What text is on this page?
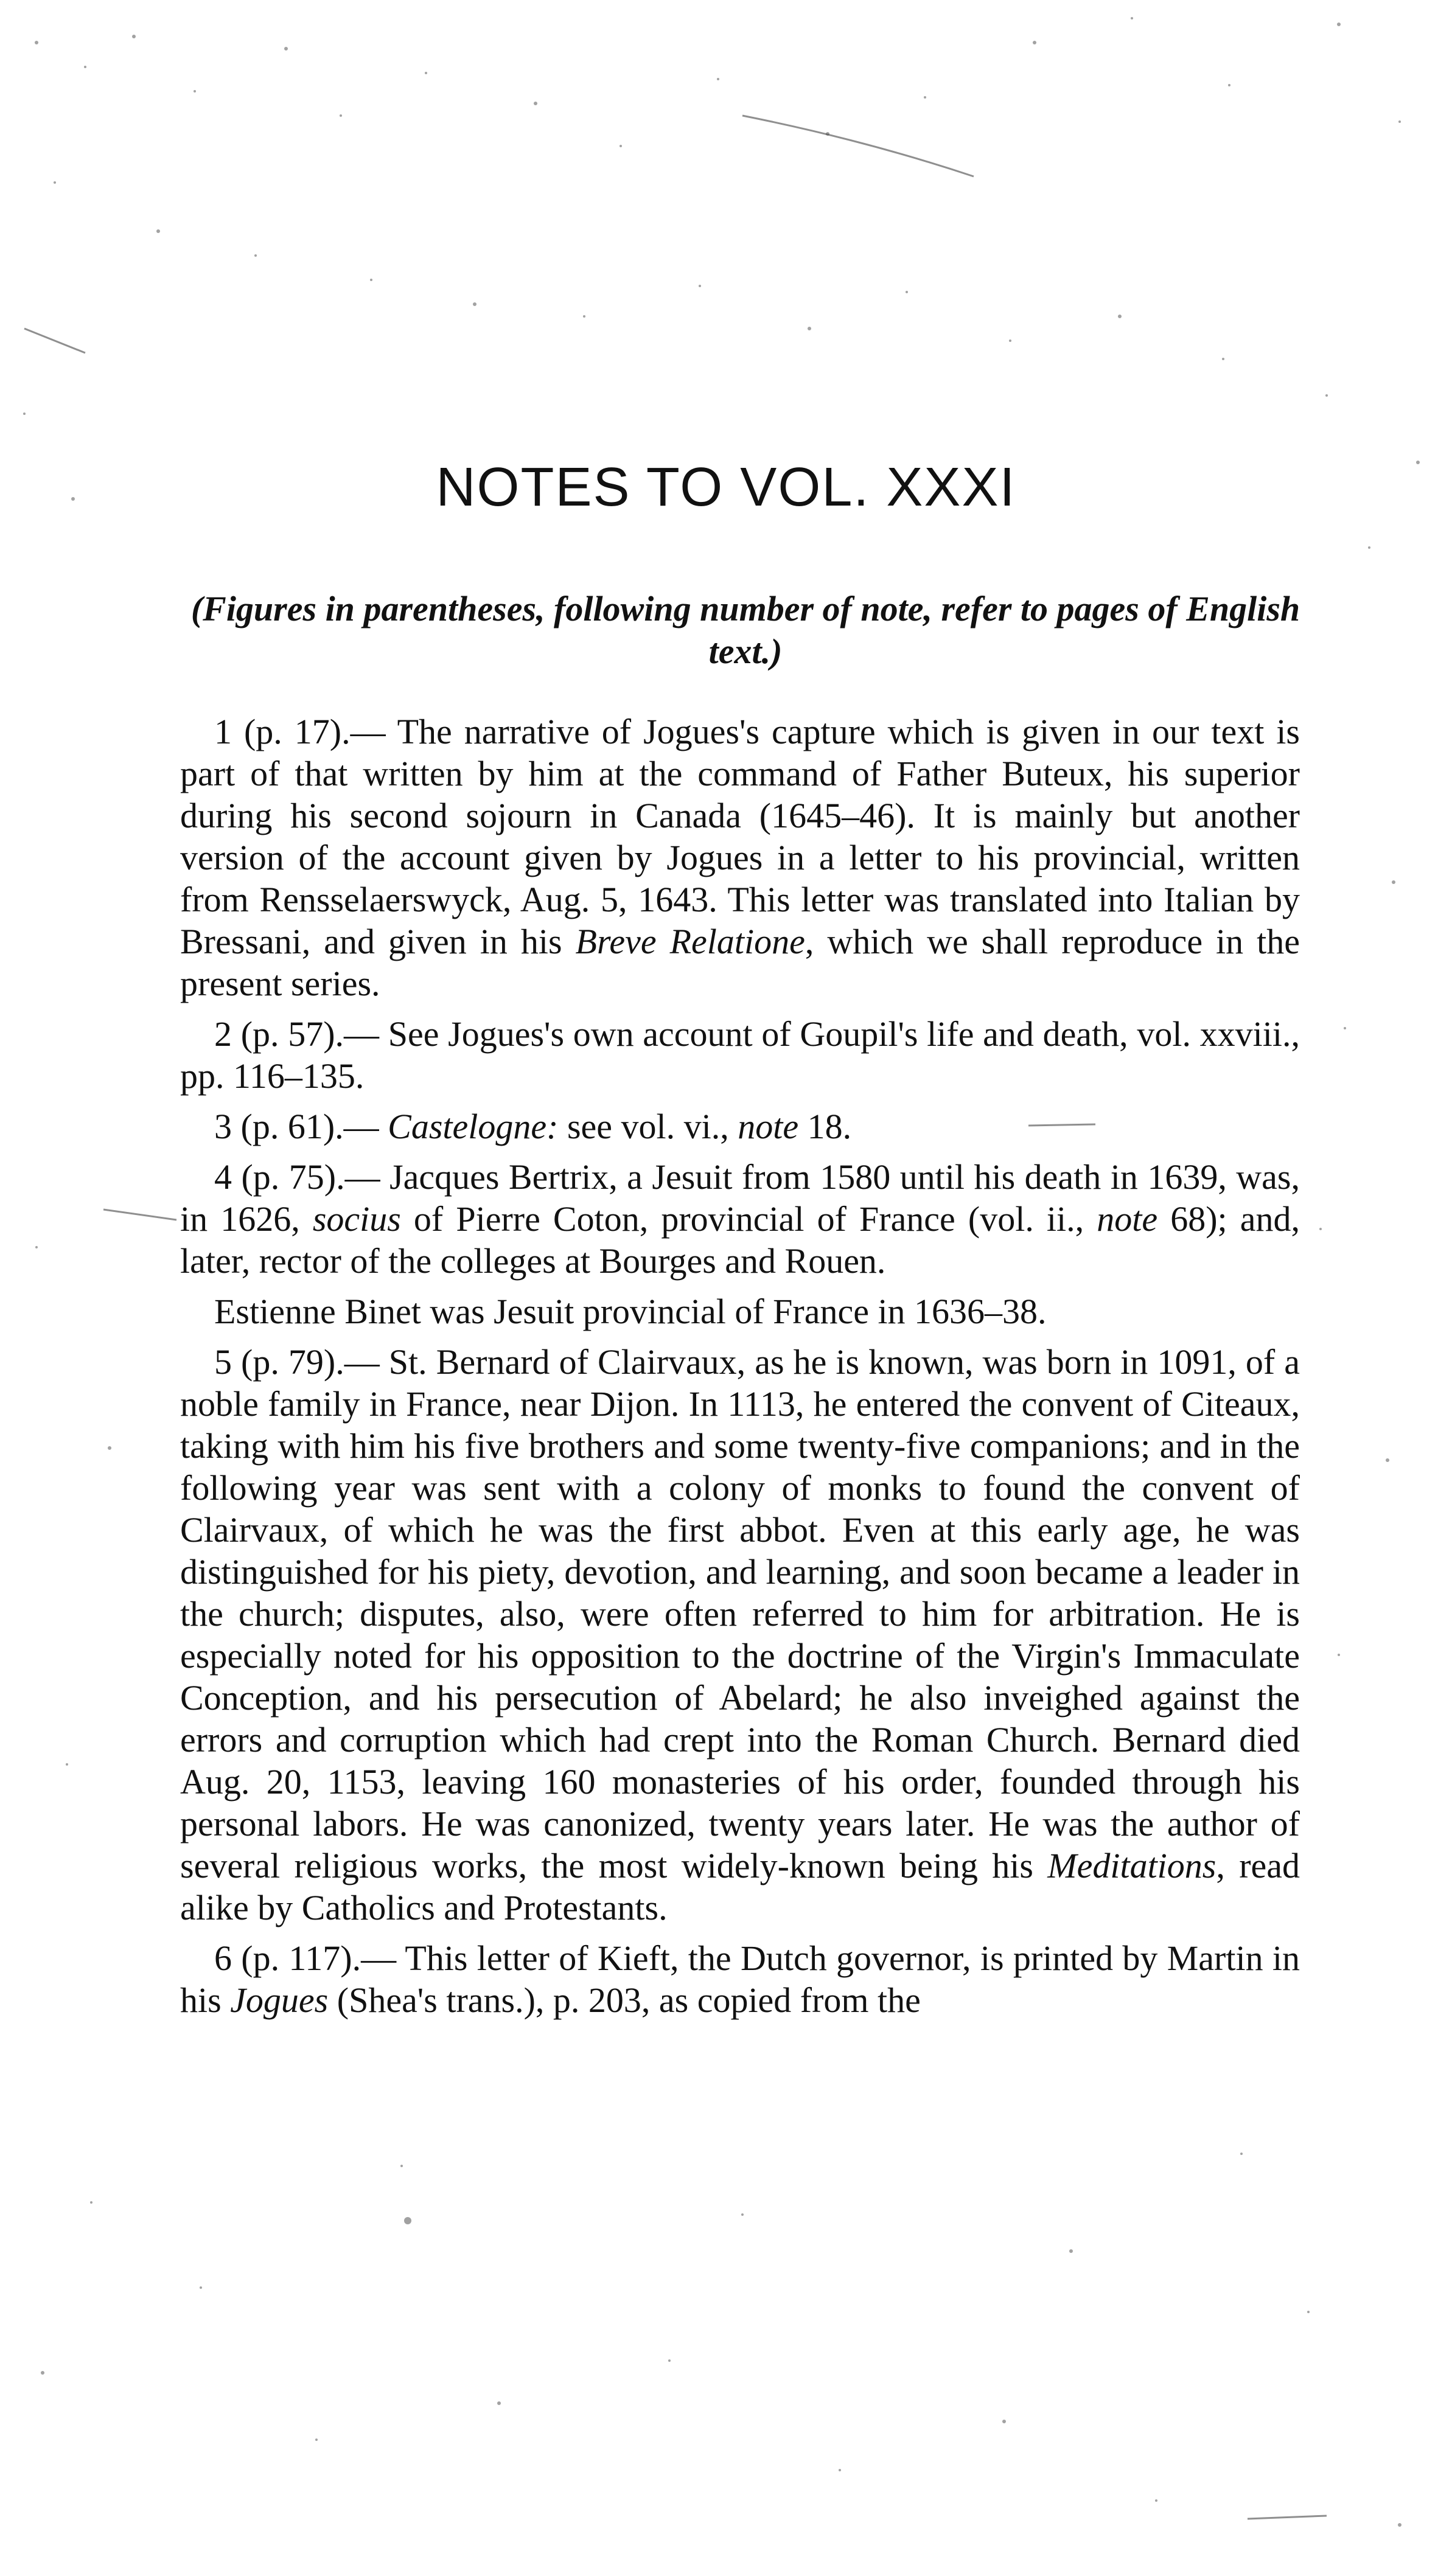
NOTES TO VOL. XXXI
(Figures in parentheses, following number of note, refer to pages of English text.)

1 (p. 17).— The narrative of Jogues's capture which is given in our text is part of that written by him at the command of Father Buteux, his superior during his second sojourn in Canada (1645–46). It is mainly but another version of the account given by Jogues in a letter to his provincial, written from Rensselaerswyck, Aug. 5, 1643. This letter was translated into Italian by Bressani, and given in his Breve Relatione, which we shall reproduce in the present series.

2 (p. 57).— See Jogues's own account of Goupil's life and death, vol. xxviii., pp. 116–135.

3 (p. 61).— Castelogne: see vol. vi., note 18.

4 (p. 75).— Jacques Bertrix, a Jesuit from 1580 until his death in 1639, was, in 1626, socius of Pierre Coton, provincial of France (vol. ii., note 68); and, later, rector of the colleges at Bourges and Rouen.

Estienne Binet was Jesuit provincial of France in 1636–38.

5 (p. 79).— St. Bernard of Clairvaux, as he is known, was born in 1091, of a noble family in France, near Dijon. In 1113, he entered the convent of Citeaux, taking with him his five brothers and some twenty-five companions; and in the following year was sent with a colony of monks to found the convent of Clairvaux, of which he was the first abbot. Even at this early age, he was distinguished for his piety, devotion, and learning, and soon became a leader in the church; disputes, also, were often referred to him for arbitration. He is especially noted for his opposition to the doctrine of the Virgin's Immaculate Conception, and his persecution of Abelard; he also inveighed against the errors and corruption which had crept into the Roman Church. Bernard died Aug. 20, 1153, leaving 160 monasteries of his order, founded through his personal labors. He was canonized, twenty years later. He was the author of several religious works, the most widely-known being his Meditations, read alike by Catholics and Protestants.

6 (p. 117).— This letter of Kieft, the Dutch governor, is printed by Martin in his Jogues (Shea's trans.), p. 203, as copied from the
